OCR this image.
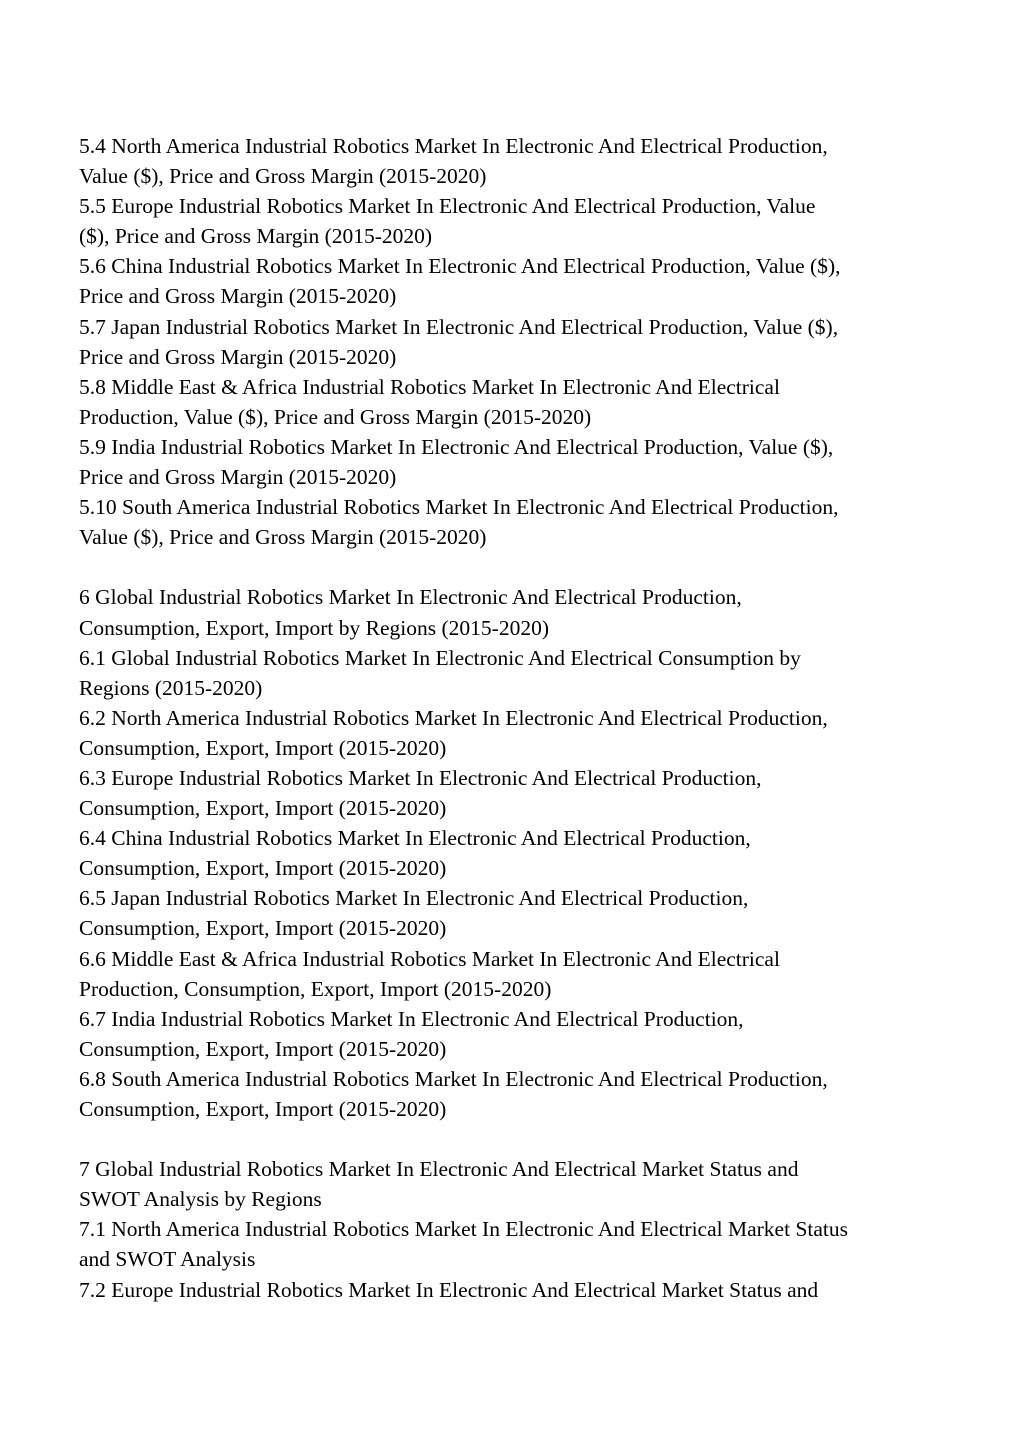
5.4 North America Industrial Robotics Market In Electronic And Electrical Production,
Value ($), Price and Gross Margin (2015-2020)
5.5 Europe Industrial Robotics Market In Electronic And Electrical Production, Value
($), Price and Gross Margin (2015-2020)
5.6 China Industrial Robotics Market In Electronic And Electrical Production, Value ($),
Price and Gross Margin (2015-2020)
5.7 Japan Industrial Robotics Market In Electronic And Electrical Production, Value ($),
Price and Gross Margin (2015-2020)
5.8 Middle East & Africa Industrial Robotics Market In Electronic And Electrical
Production, Value ($), Price and Gross Margin (2015-2020)
5.9 India Industrial Robotics Market In Electronic And Electrical Production, Value ($),
Price and Gross Margin (2015-2020)
5.10 South America Industrial Robotics Market In Electronic And Electrical Production,
Value ($), Price and Gross Margin (2015-2020)
6 Global Industrial Robotics Market In Electronic And Electrical Production,
Consumption, Export, Import by Regions (2015-2020)
6.1 Global Industrial Robotics Market In Electronic And Electrical Consumption by
Regions (2015-2020)
6.2 North America Industrial Robotics Market In Electronic And Electrical Production,
Consumption, Export, Import (2015-2020)
6.3 Europe Industrial Robotics Market In Electronic And Electrical Production,
Consumption, Export, Import (2015-2020)
6.4 China Industrial Robotics Market In Electronic And Electrical Production,
Consumption, Export, Import (2015-2020)
6.5 Japan Industrial Robotics Market In Electronic And Electrical Production,
Consumption, Export, Import (2015-2020)
6.6 Middle East & Africa Industrial Robotics Market In Electronic And Electrical
Production, Consumption, Export, Import (2015-2020)
6.7 India Industrial Robotics Market In Electronic And Electrical Production,
Consumption, Export, Import (2015-2020)
6.8 South America Industrial Robotics Market In Electronic And Electrical Production,
Consumption, Export, Import (2015-2020)
7 Global Industrial Robotics Market In Electronic And Electrical Market Status and
SWOT Analysis by Regions
7.1 North America Industrial Robotics Market In Electronic And Electrical Market Status
and SWOT Analysis
7.2 Europe Industrial Robotics Market In Electronic And Electrical Market Status and
